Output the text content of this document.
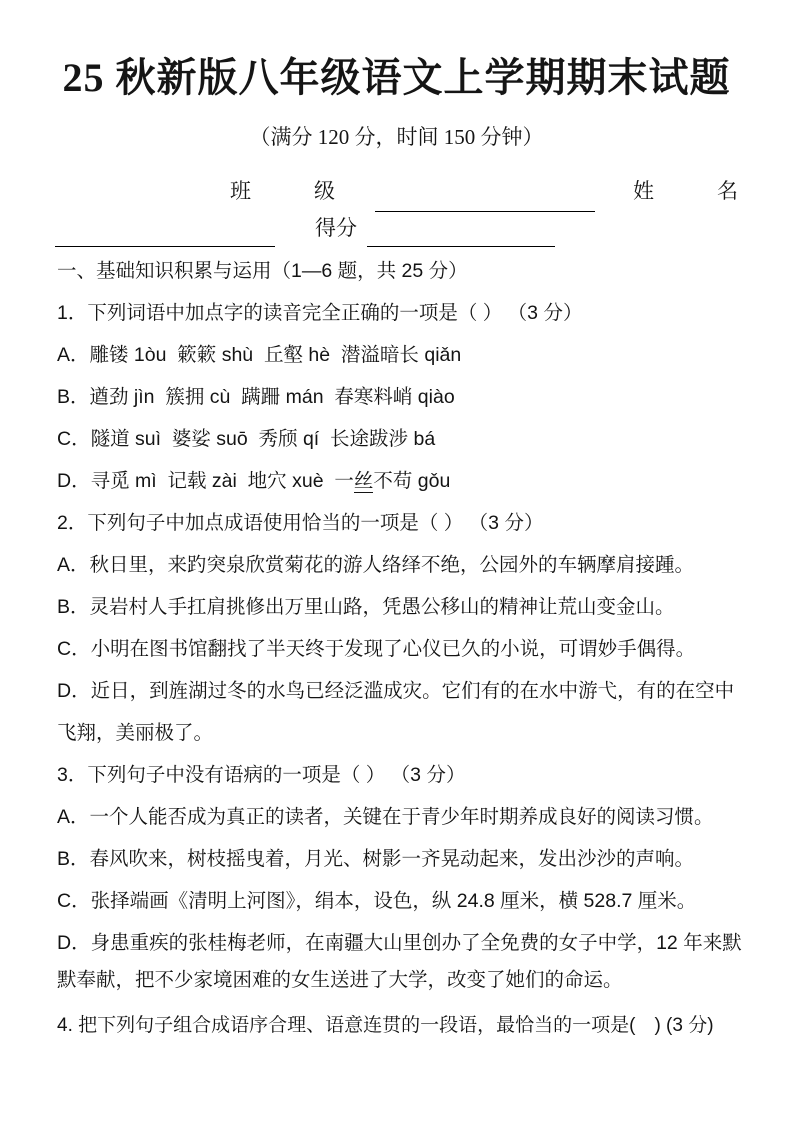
25 秋新版八年级语文上学期期末试题
（满分 120 分，时间 150 分钟）
班　　　级	姓　　　名
得分
一、基础知识积累与运用（1—6 题，共 25 分）
1．下列词语中加点字的读音完全正确的一项是（ ） （3 分）
A．雕镂 1òu  簌簌 shù  丘壑 hè  潜溢暗长 qiǎn
B．遒劲 jìn  簇拥 cù  蹒跚 mán  春寒料峭 qiào
C．隧道 suì  婆娑 suō  秀颀 qí  长途跋涉 bá
D．寻觅 mì  记载 zài  地穴 xuè  一丝不苟 gǒu
2．下列句子中加点成语使用恰当的一项是（ ） （3 分）
A．秋日里，来趵突泉欣赏菊花的游人络绎不绝，公园外的车辆摩肩接踵。
B．灵岩村人手扛肩挑修出万里山路，凭愚公移山的精神让荒山变金山。
C．小明在图书馆翻找了半天终于发现了心仪已久的小说，可谓妙手偶得。
D．近日，到旌湖过冬的水鸟已经泛滥成灾。它们有的在水中游弋，有的在空中
飞翔，美丽极了。
3．下列句子中没有语病的一项是（ ） （3 分）
A．一个人能否成为真正的读者，关键在于青少年时期养成良好的阅读习惯。
B．春风吹来，树枝摇曳着，月光、树影一齐晃动起来，发出沙沙的声响。
C．张择端画《清明上河图》，绢本，设色，纵 24.8 厘米，横 528.7 厘米。
D．身患重疾的张桂梅老师，在南疆大山里创办了全免费的女子中学，12 年来默
默奉献，把不少家境困难的女生送进了大学，改变了她们的命运。
4. 把下列句子组合成语序合理、语意连贯的一段语，最恰当的一项是(　) (3 分)
